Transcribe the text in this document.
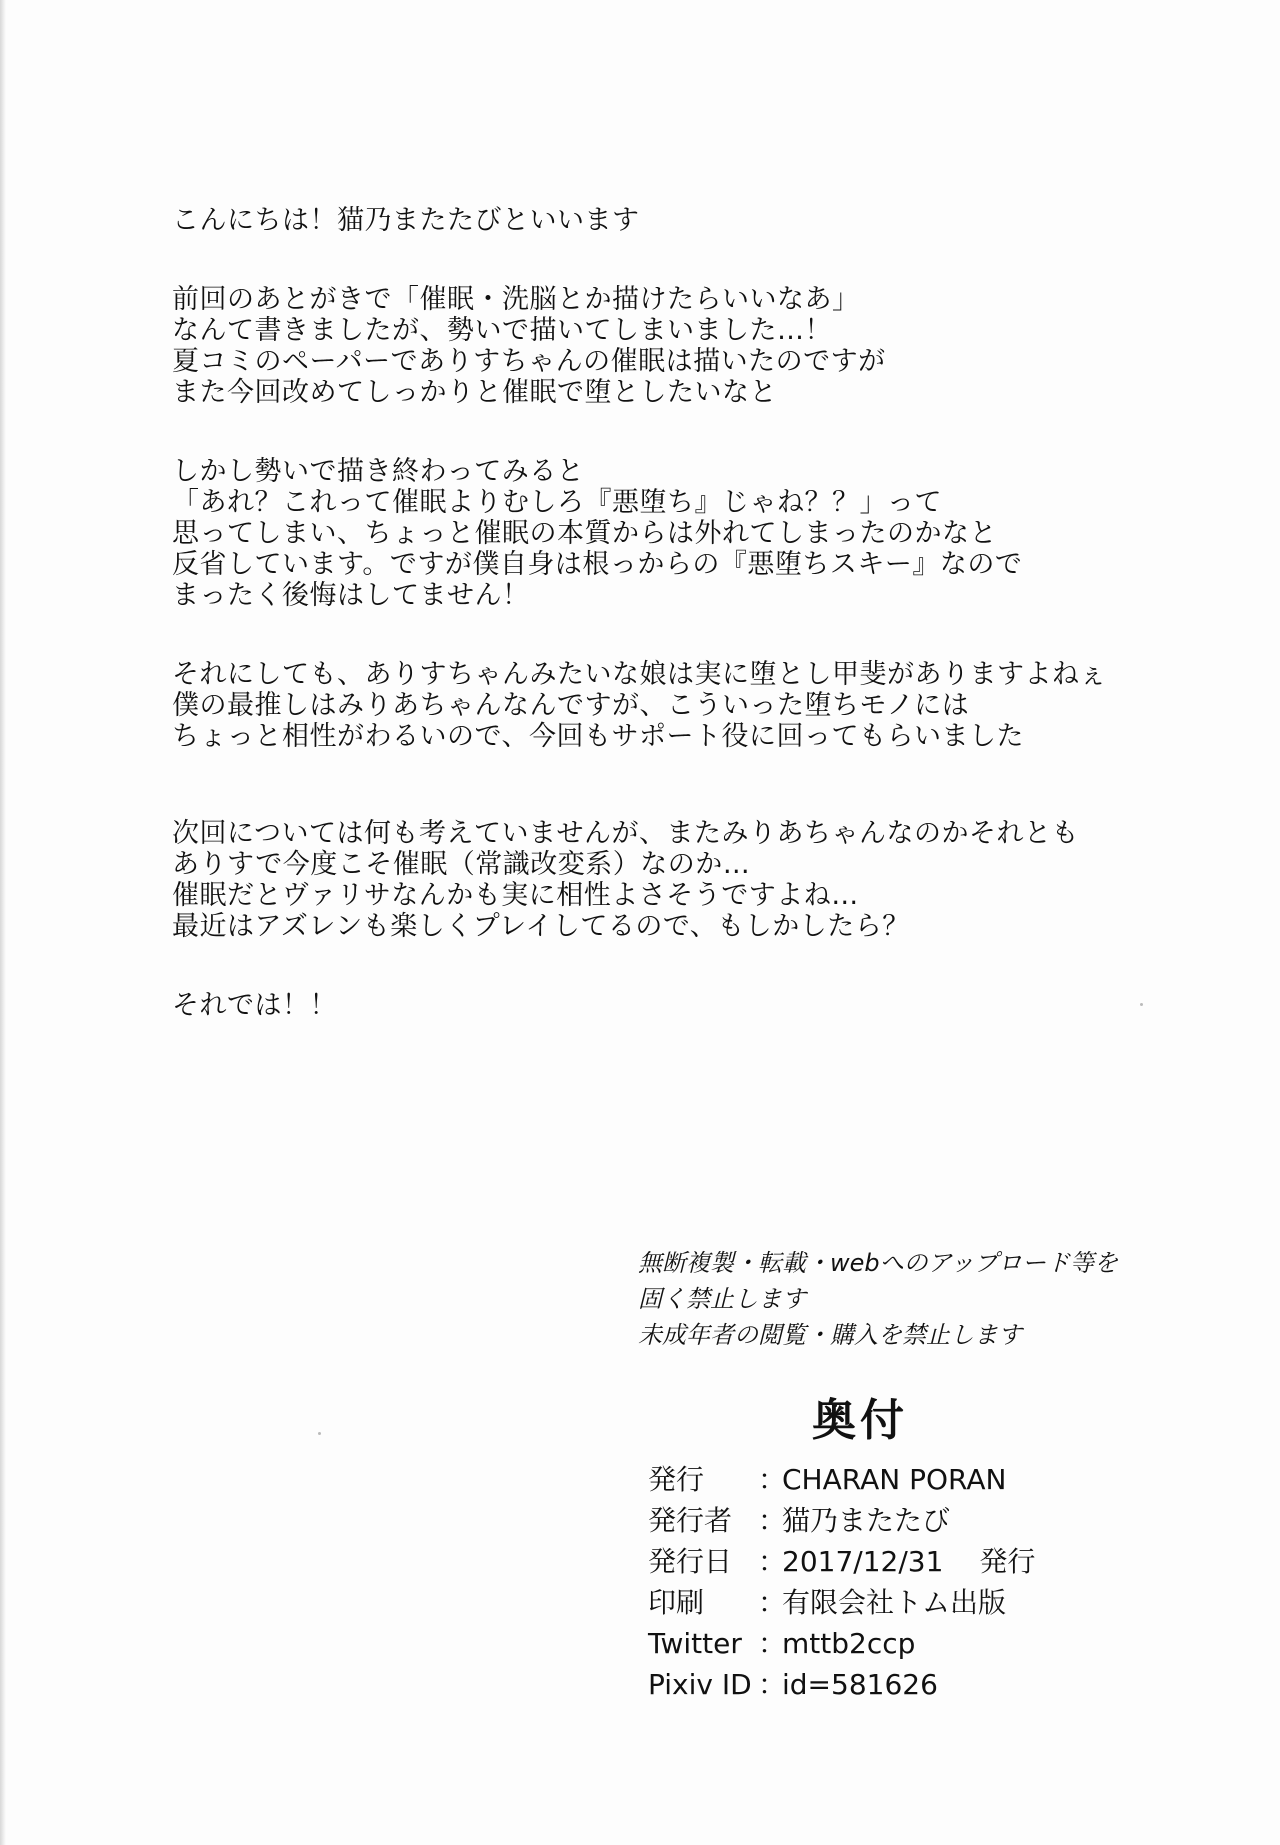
こんにちは！猫乃またたびといいます

前回のあとがきで「催眠・洗脳とか描けたらいいなあ」
なんて書きましたが、勢いで描いてしまいました…！
夏コミのペーパーでありすちゃんの催眠は描いたのですが
また今回改めてしっかりと催眠で堕としたいなと

しかし勢いで描き終わってみると
「あれ？これって催眠よりむしろ『悪堕ち』じゃね？？」って
思ってしまい、ちょっと催眠の本質からは外れてしまったのかなと
反省しています。ですが僕自身は根っからの『悪堕ちスキー』なので
まったく後悔はしてません！

それにしても、ありすちゃんみたいな娘は実に堕とし甲斐がありますよねぇ
僕の最推しはみりあちゃんなんですが、こういった堕ちモノには
ちょっと相性がわるいので、今回もサポート役に回ってもらいました

次回については何も考えていませんが、またみりあちゃんなのかそれとも
ありすで今度こそ催眠（常識改変系）なのか…
催眠だとヴァリサなんかも実に相性よさそうですよね…
最近はアズレンも楽しくプレイしてるので、もしかしたら？

それでは！！

無断複製・転載・webへのアップロード等を
固く禁止します
未成年者の閲覧・購入を禁止します
奥付
発行	：
CHARAN PORAN
発行者 ：
猫乃またたび
発行日 ：
2017/12/31 発行
印刷	：
有限会社トム出版
Twitter ：
mttb2ccp
Pixiv ID ：
id=581626
